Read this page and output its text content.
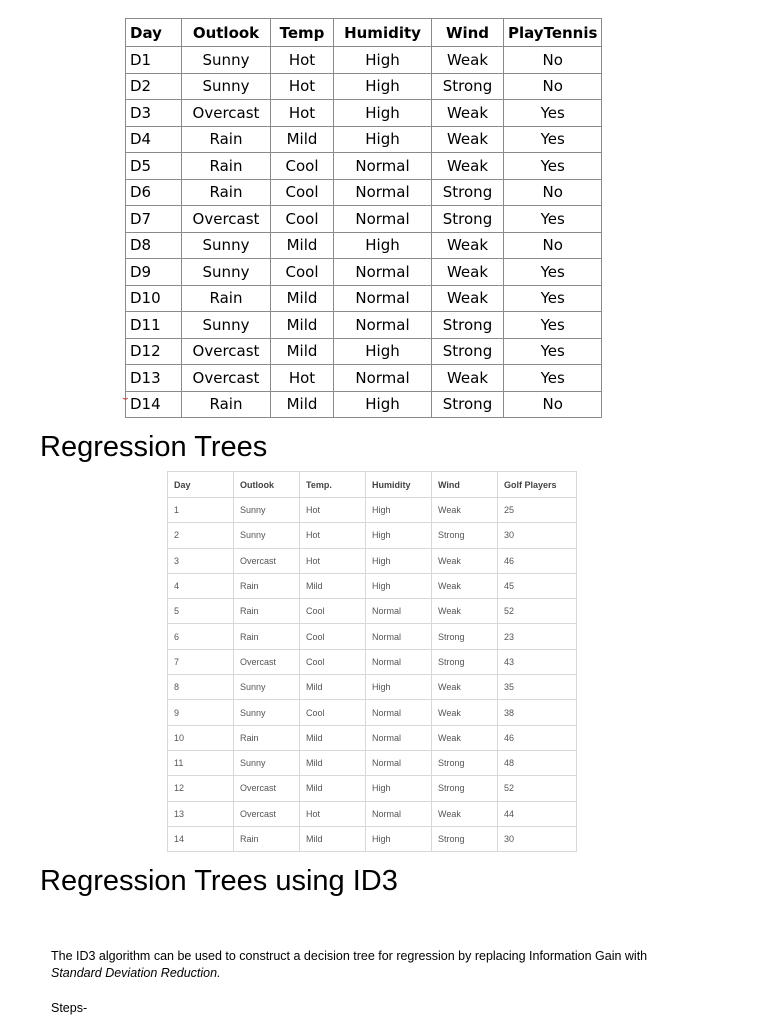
Day	Outlook	Temp	Humidity	Wind	PlayTennis
D1	Sunny	Hot	High	Weak	No
D2	Sunny	Hot	High	Strong	No
D3	Overcast	Hot	High	Weak	Yes
D4	Rain	Mild	High	Weak	Yes
D5	Rain	Cool	Normal	Weak	Yes
D6	Rain	Cool	Normal	Strong	No
D7	Overcast	Cool	Normal	Strong	Yes
D8	Sunny	Mild	High	Weak	No
D9	Sunny	Cool	Normal	Weak	Yes
D10	Rain	Mild	Normal	Weak	Yes
D11	Sunny	Mild	Normal	Strong	Yes
D12	Overcast	Mild	High	Strong	Yes
D13	Overcast	Hot	Normal	Weak	Yes
D14	Rain	Mild	High	Strong	No
⌣
Regression Trees
Day	Outlook	Temp.	Humidity	Wind	Golf Players
1	Sunny	Hot	High	Weak	25
2	Sunny	Hot	High	Strong	30
3	Overcast	Hot	High	Weak	46
4	Rain	Mild	High	Weak	45
5	Rain	Cool	Normal	Weak	52
6	Rain	Cool	Normal	Strong	23
7	Overcast	Cool	Normal	Strong	43
8	Sunny	Mild	High	Weak	35
9	Sunny	Cool	Normal	Weak	38
10	Rain	Mild	Normal	Weak	46
11	Sunny	Mild	Normal	Strong	48
12	Overcast	Mild	High	Strong	52
13	Overcast	Hot	Normal	Weak	44
14	Rain	Mild	High	Strong	30
Regression Trees using ID3

The ID3 algorithm can be used to construct a decision tree for regression by replacing Information Gain with Standard Deviation Reduction.

Steps-
